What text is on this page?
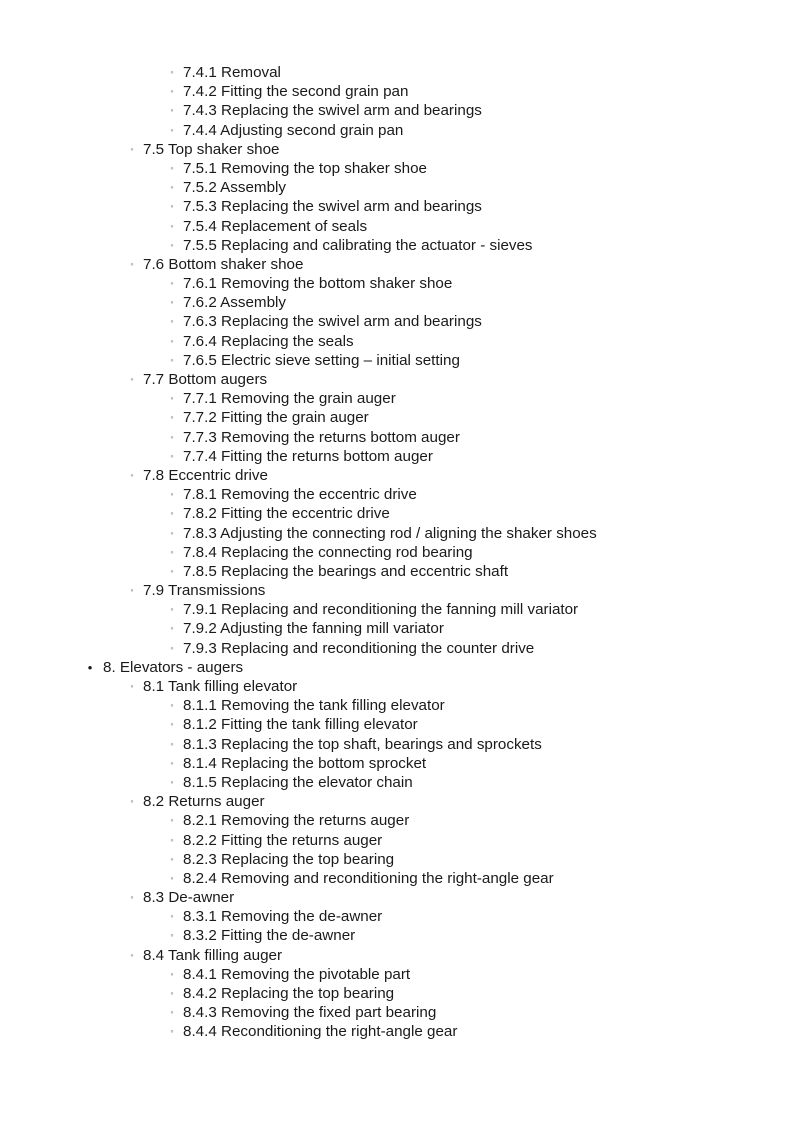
◦ 7.4.1 Removal
◦ 7.4.2 Fitting the second grain pan
◦ 7.4.3 Replacing the swivel arm and bearings
◦ 7.4.4 Adjusting second grain pan
◦ 7.5 Top shaker shoe
◦ 7.5.1 Removing the top shaker shoe
◦ 7.5.2 Assembly
◦ 7.5.3 Replacing the swivel arm and bearings
◦ 7.5.4 Replacement of seals
◦ 7.5.5 Replacing and calibrating the actuator - sieves
◦ 7.6 Bottom shaker shoe
◦ 7.6.1 Removing the bottom shaker shoe
◦ 7.6.2 Assembly
◦ 7.6.3 Replacing the swivel arm and bearings
◦ 7.6.4 Replacing the seals
◦ 7.6.5 Electric sieve setting – initial setting
◦ 7.7 Bottom augers
◦ 7.7.1 Removing the grain auger
◦ 7.7.2 Fitting the grain auger
◦ 7.7.3 Removing the returns bottom auger
◦ 7.7.4 Fitting the returns bottom auger
◦ 7.8 Eccentric drive
◦ 7.8.1 Removing the eccentric drive
◦ 7.8.2 Fitting the eccentric drive
◦ 7.8.3 Adjusting the connecting rod / aligning the shaker shoes
◦ 7.8.4 Replacing the connecting rod bearing
◦ 7.8.5 Replacing the bearings and eccentric shaft
◦ 7.9 Transmissions
◦ 7.9.1 Replacing and reconditioning the fanning mill variator
◦ 7.9.2 Adjusting the fanning mill variator
◦ 7.9.3 Replacing and reconditioning the counter drive
• 8. Elevators - augers
◦ 8.1 Tank filling elevator
◦ 8.1.1 Removing the tank filling elevator
◦ 8.1.2 Fitting the tank filling elevator
◦ 8.1.3 Replacing the top shaft, bearings and sprockets
◦ 8.1.4 Replacing the bottom sprocket
◦ 8.1.5 Replacing the elevator chain
◦ 8.2 Returns auger
◦ 8.2.1 Removing the returns auger
◦ 8.2.2 Fitting the returns auger
◦ 8.2.3 Replacing the top bearing
◦ 8.2.4 Removing and reconditioning the right-angle gear
◦ 8.3 De-awner
◦ 8.3.1 Removing the de-awner
◦ 8.3.2 Fitting the de-awner
◦ 8.4 Tank filling auger
◦ 8.4.1 Removing the pivotable part
◦ 8.4.2 Replacing the top bearing
◦ 8.4.3 Removing the fixed part bearing
◦ 8.4.4 Reconditioning the right-angle gear
